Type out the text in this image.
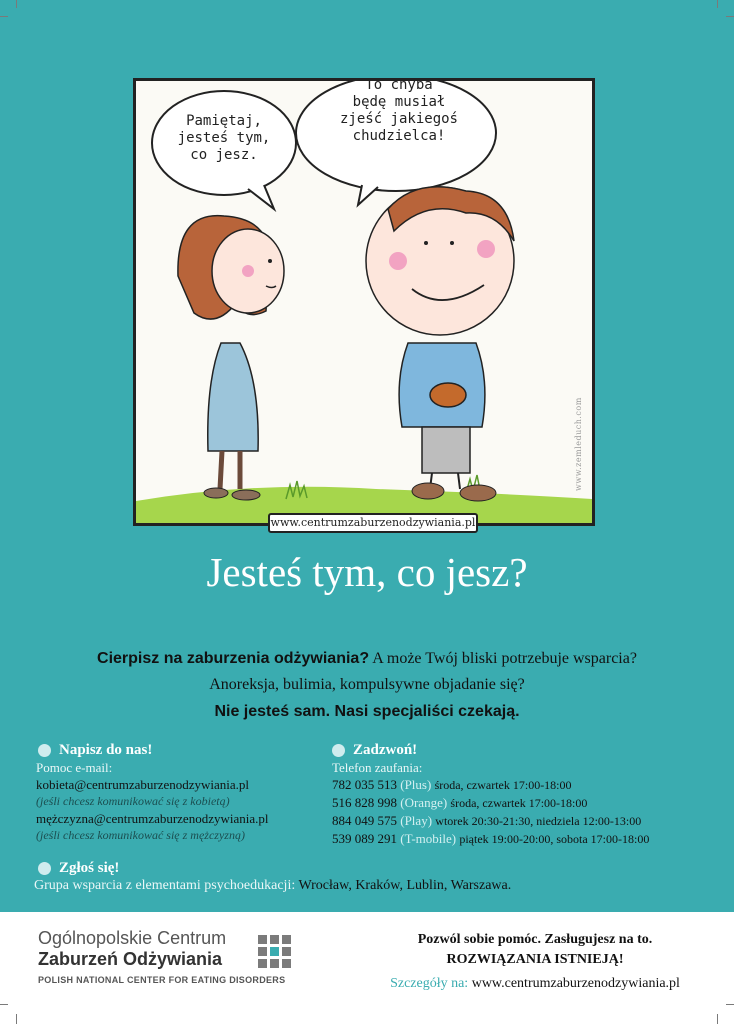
Pamiętaj,
jesteś tym,
co jesz.
To chyba
będę musiał
zjeść jakiegoś
chudzielca!
www.zemleduch.com
www.centrumzaburzenodzywiania.pl
Jesteś tym, co jesz?
Cierpisz na zaburzenia odżywiania? A może Twój bliski potrzebuje wsparcia?
Anoreksja, bulimia, kompulsywne objadanie się?
Nie jesteś sam. Nasi specjaliści czekają.
Napisz do nas!
Pomoc e-mail:
kobieta@centrumzaburzenodzywiania.pl
(jeśli chcesz komunikować się z kobietą)
mężczyzna@centrumzaburzenodzywiania.pl
(jeśli chcesz komunikować się z mężczyzną)
Zadzwoń!
Telefon zaufania:
782 035 513 (Plus) środa, czwartek 17:00-18:00
516 828 998 (Orange) środa, czwartek 17:00-18:00
884 049 575 (Play) wtorek 20:30-21:30, niedziela 12:00-13:00
539 089 291 (T-mobile) piątek 19:00-20:00, sobota 17:00-18:00
Zgłoś się!
Grupa wsparcia z elementami psychoedukacji: Wrocław, Kraków, Lublin, Warszawa.
Ogólnopolskie Centrum
Zaburzeń Odżywiania
POLISH NATIONAL CENTER FOR EATING DISORDERS
Pozwól sobie pomóc. Zasługujesz na to.
ROZWIĄZANIA ISTNIEJĄ!
Szczegóły na: www.centrumzaburzenodzywiania.pl
